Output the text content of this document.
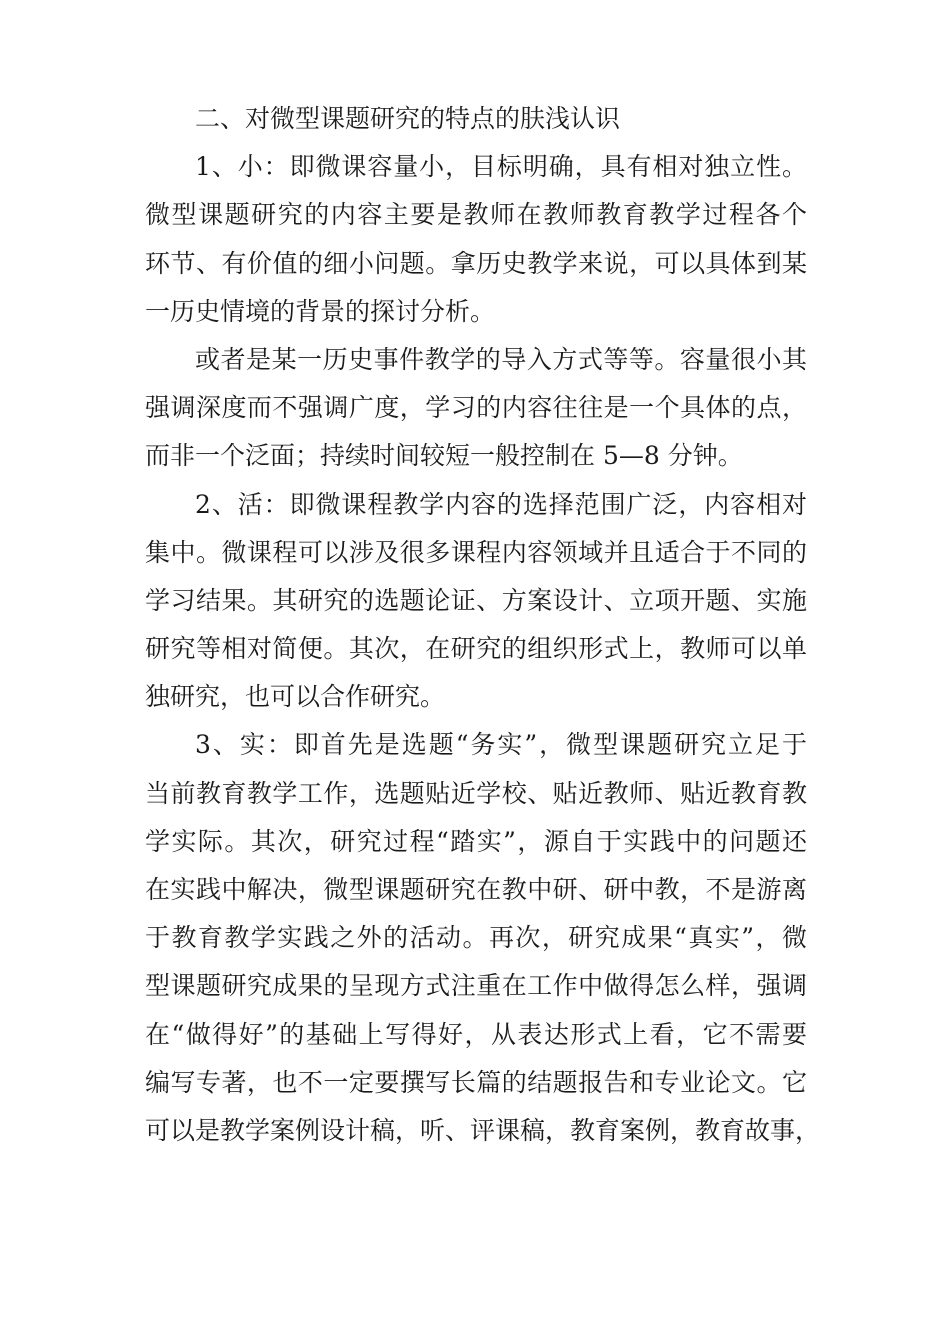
二、对微型课题研究的特点的肤浅认识
1、小：即微课容量小，目标明确，具有相对独立性。
微型课题研究的内容主要是教师在教师教育教学过程各个
环节、有价值的细小问题。拿历史教学来说，可以具体到某
一历史情境的背景的探讨分析。
或者是某一历史事件教学的导入方式等等。容量很小其
强调深度而不强调广度，学习的内容往往是一个具体的点，
而非一个泛面；持续时间较短一般控制在 5—8 分钟。
2、活：即微课程教学内容的选择范围广泛，内容相对
集中。微课程可以涉及很多课程内容领域并且适合于不同的
学习结果。其研究的选题论证、方案设计、立项开题、实施
研究等相对简便。其次，在研究的组织形式上，教师可以单
独研究，也可以合作研究。
3、实：即首先是选题“务实”，微型课题研究立足于
当前教育教学工作，选题贴近学校、贴近教师、贴近教育教
学实际。其次，研究过程“踏实”，源自于实践中的问题还
在实践中解决，微型课题研究在教中研、研中教，不是游离
于教育教学实践之外的活动。再次，研究成果“真实”，微
型课题研究成果的呈现方式注重在工作中做得怎么样，强调
在“做得好”的基础上写得好，从表达形式上看，它不需要
编写专著，也不一定要撰写长篇的结题报告和专业论文。它
可以是教学案例设计稿，听、评课稿，教育案例，教育故事，
